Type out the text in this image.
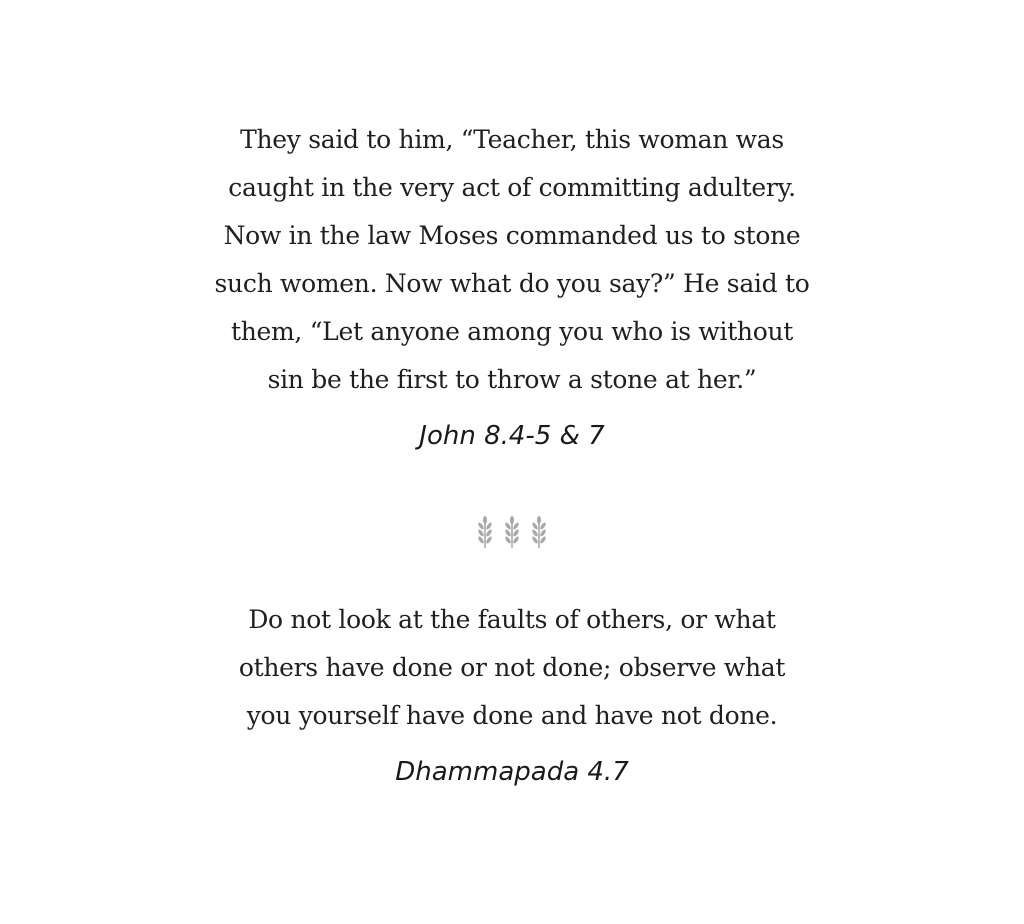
They said to him, “Teacher, this woman was
caught in the very act of committing adultery.
Now in the law Moses commanded us to stone
such women. Now what do you say?” He said to
them, “Let anyone among you who is without
sin be the first to throw a stone at her.”

John 8.4-5 & 7

Do not look at the faults of others, or what
others have done or not done; observe what
you yourself have done and have not done.

Dhammapada 4.7
